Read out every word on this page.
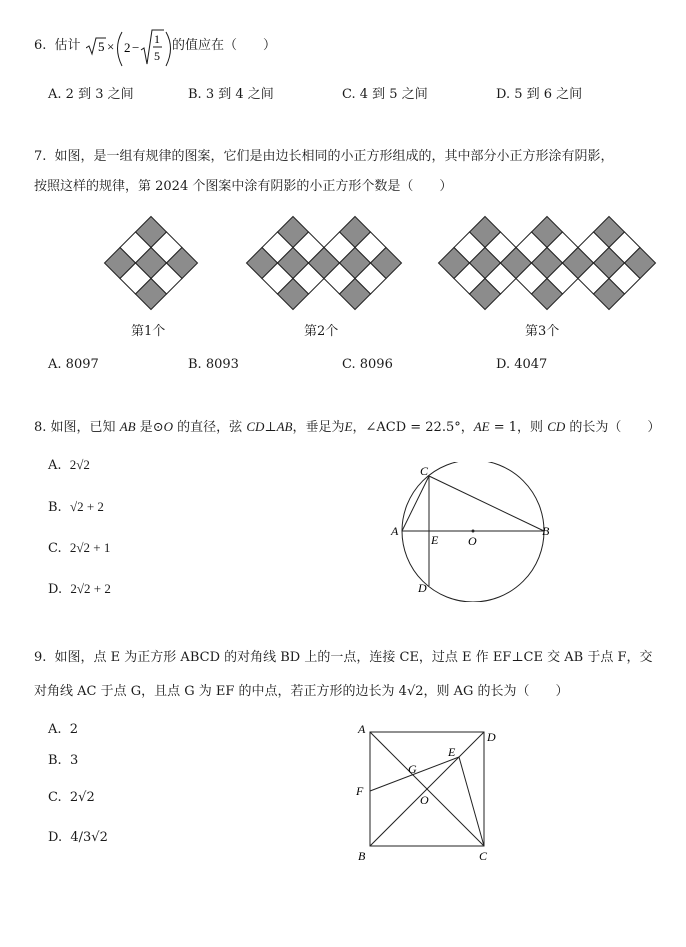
6. 估计 5 × 2 −
1
5
的值应在（　　）
A. 2 到 3 之间	B. 3 到 4 之间	C. 4 到 5 之间	D. 5 到 6 之间
7. 如图，是一组有规律的图案，它们是由边长相同的小正方形组成的，其中部分小正方形涂有阴影，
按照这样的规律，第 2024 个图案中涂有阴影的小正方形个数是（　　）
第1个	第2个	第3个
A. 8097	B. 8093	C. 8096	D. 4047
8. 如图，已知 AB 是⊙O 的直径，弦 CD⊥AB，垂足为E，∠ACD = 22.5°，AE = 1，则 CD 的长为（　　）
A. 2√2
B. √2 + 2
C. 2√2 + 1
D. 2√2 + 2
A	B
C
D
E O
9. 如图，点 E 为正方形 ABCD 的对角线 BD 上的一点，连接 CE，过点 E 作 EF⊥CE 交 AB 于点 F，交
对角线 AC 于点 G，且点 G 为 EF 的中点，若正方形的边长为 4√2，则 AG 的长为（　　）
A. 2
B. 3
C. 2√2
D. 4/3√2
A
D
B	C
E
F
G
O
